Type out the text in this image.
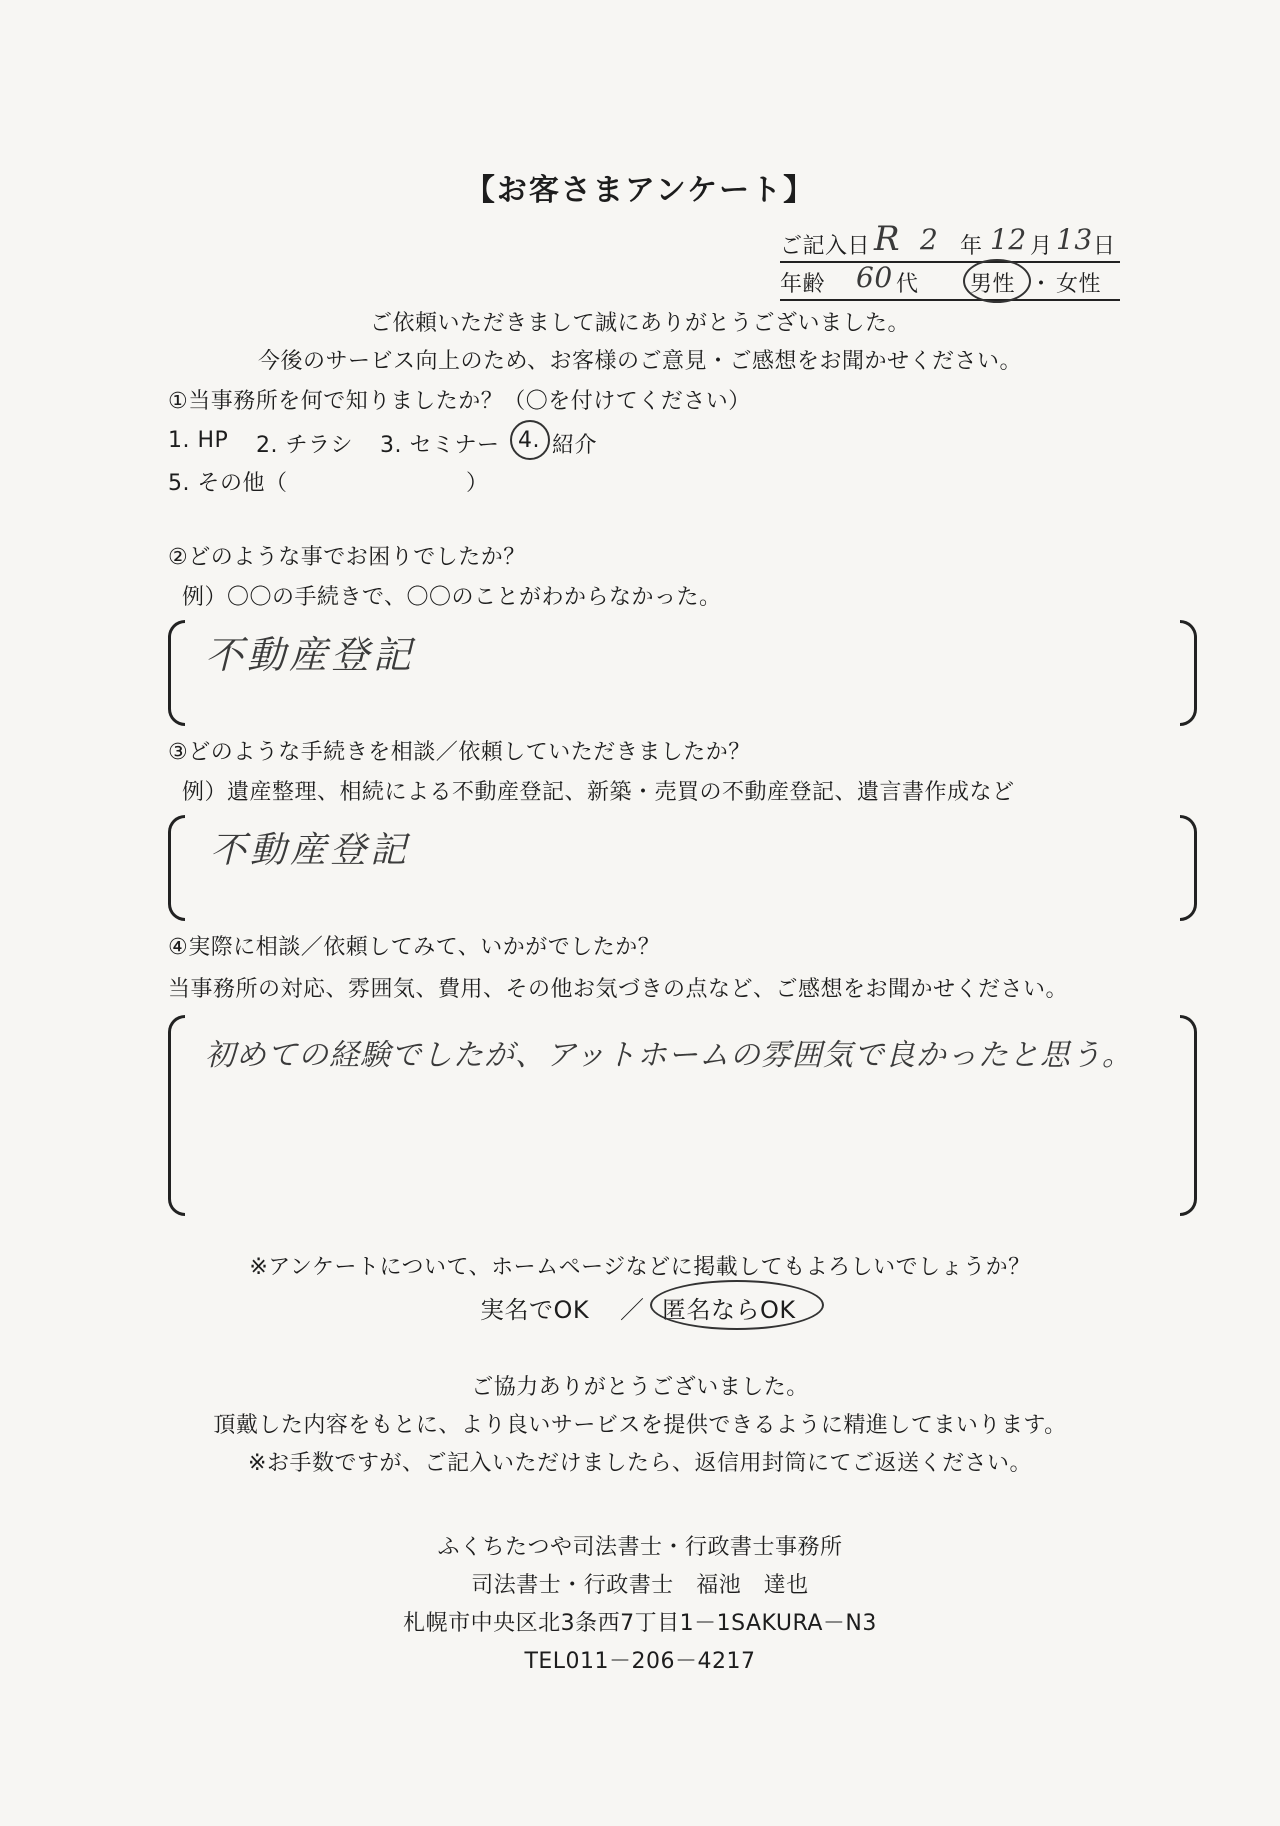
【お客さまアンケート】
ご記入日 R 2 年 12 月 13 日
年齢 60 代 男性 ・ 女性
ご依頼いただきまして誠にありがとうございました。
今後のサービス向上のため、お客様のご意見・ご感想をお聞かせください。
①当事務所を何で知りましたか？（〇を付けてください）
1. HP 2. チラシ 3. セミナー 4. 紹介
5. その他（	）
②どのような事でお困りでしたか？
例）〇〇の手続きで、〇〇のことがわからなかった。
不動産登記
③どのような手続きを相談／依頼していただきましたか？
例）遺産整理、相続による不動産登記、新築・売買の不動産登記、遺言書作成など
不動産登記
④実際に相談／依頼してみて、いかがでしたか？
当事務所の対応、雰囲気、費用、その他お気づきの点など、ご感想をお聞かせください。
初めての経験でしたが、アットホームの雰囲気で良かったと思う。
※アンケートについて、ホームページなどに掲載してもよろしいでしょうか？
実名でOK ／ 匿名ならOK
ご協力ありがとうございました。
頂戴した内容をもとに、より良いサービスを提供できるように精進してまいります。
※お手数ですが、ご記入いただけましたら、返信用封筒にてご返送ください。
ふくちたつや司法書士・行政書士事務所
司法書士・行政書士　福池　達也
札幌市中央区北3条西7丁目1－1SAKURA－N3
TEL011－206－4217
